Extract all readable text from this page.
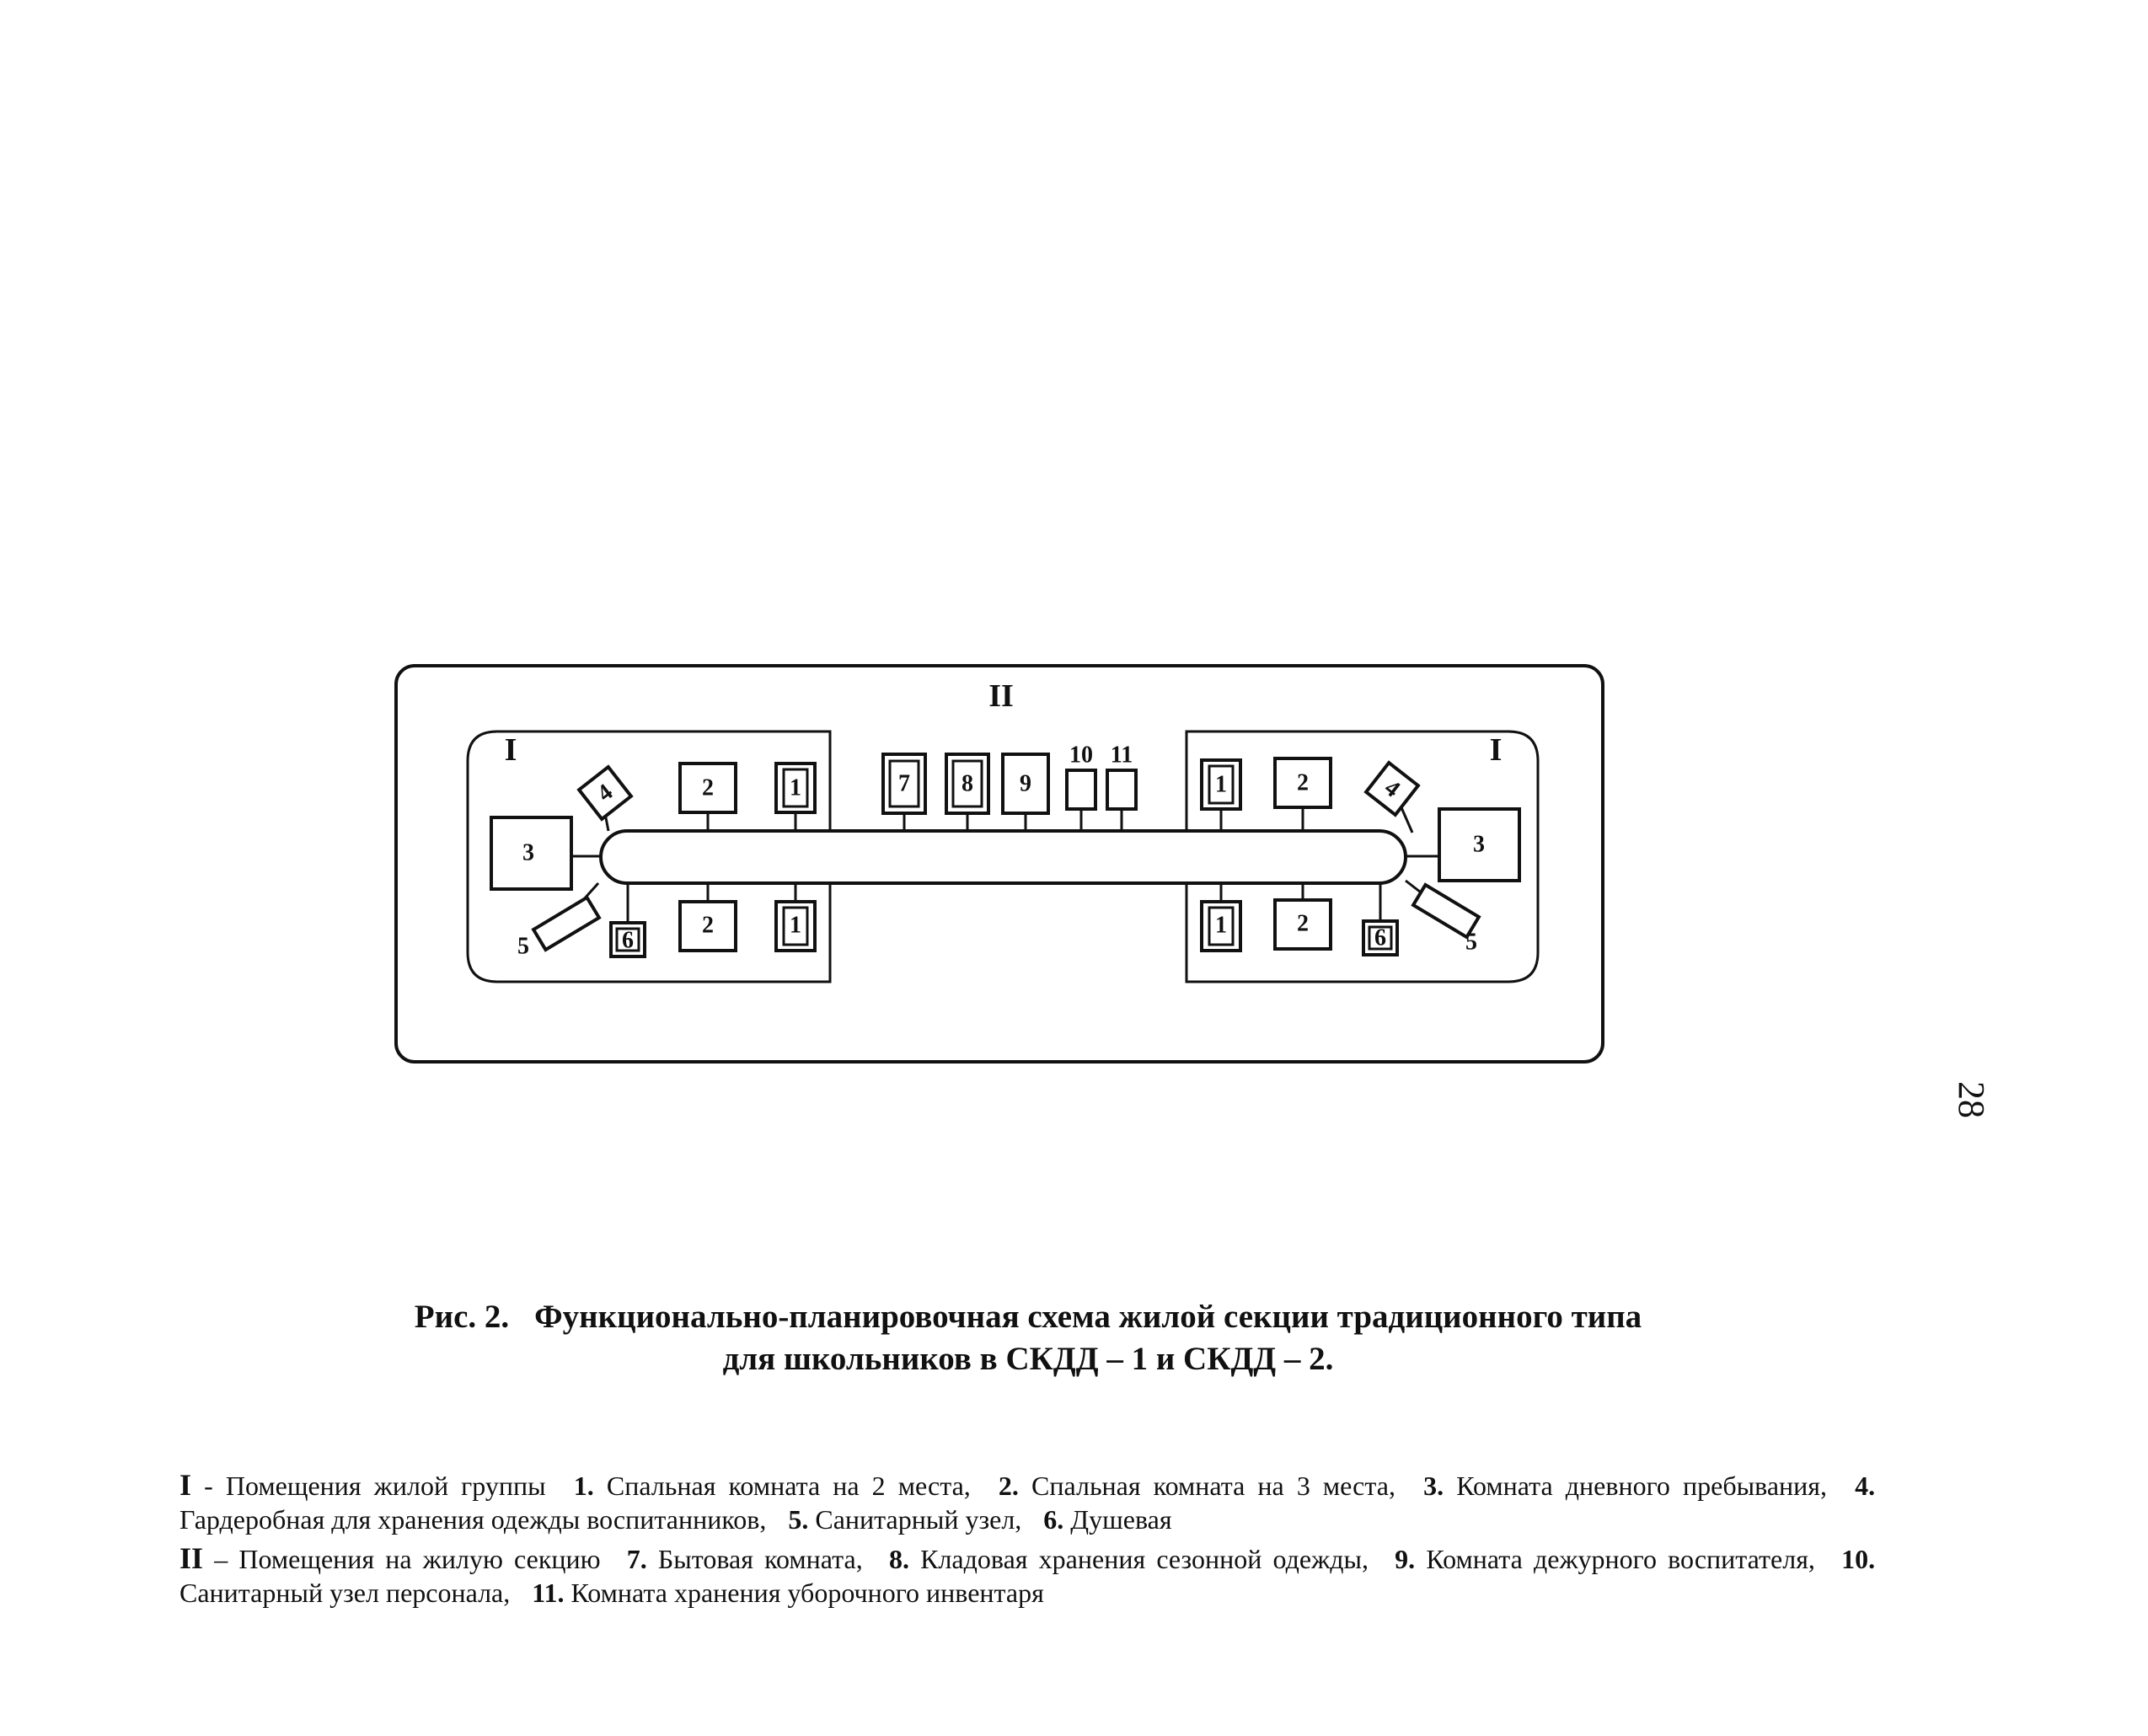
II
I	I
4	2	1
3
5	6
2	1
7 8 9
10 11
1	2	4
3
1	2
6	5
28
Рис. 2. Функционально-планировочная схема жилой секции традиционного типа
для школьников в СКДД – 1 и СКДД – 2.

I - Помещения жилой группы 1. Спальная комната на 2 места, 2. Спальная комната на 3 места, 3. Комната дневного пребывания, 4. Гардеробная для хранения одежды воспитанников, 5. Санитарный узел, 6. Душевая

II – Помещения на жилую секцию 7. Бытовая комната, 8. Кладовая хранения сезонной одежды, 9. Комната дежурного воспитателя, 10. Санитарный узел персонала, 11. Комната хранения уборочного инвентаря
